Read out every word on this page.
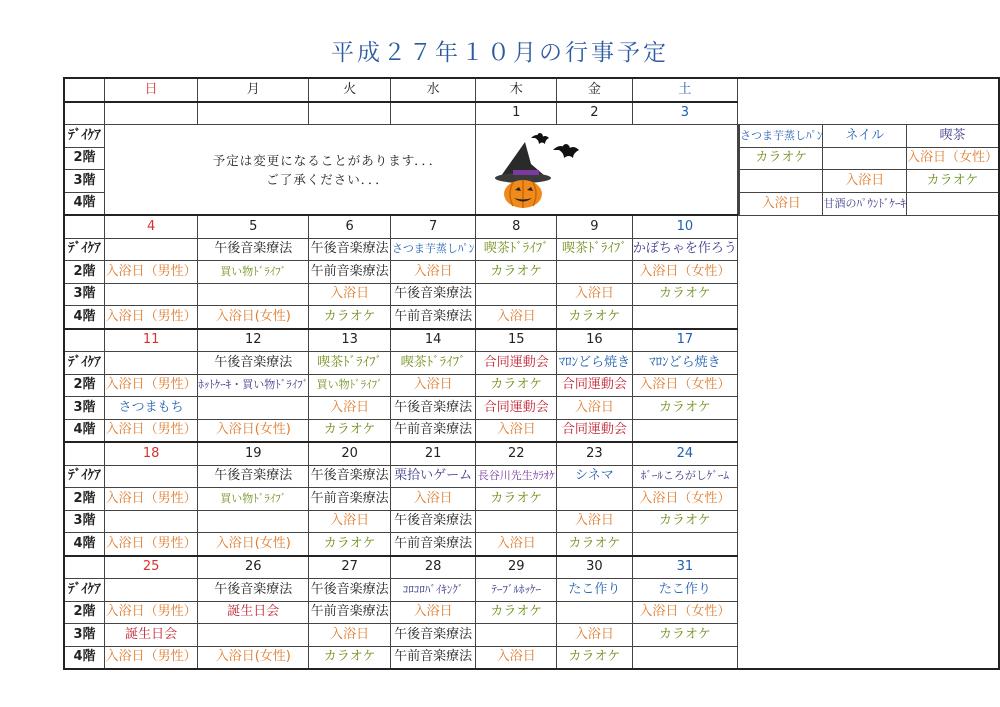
平成２７年１０月の行事予定
	日	月	火	水	木	金	土				
					1	2	3				
ﾃﾞｲｹｱ									さつま芋蒸しﾊﾟﾝ	ネイル	喫茶
2階									カラオケ		入浴日（女性）
3階										入浴日	カラオケ
4階									入浴日	甘酒のﾊﾟｳﾝﾄﾞｹｰｷ	
	4	5	6	7	8	9	10				
ﾃﾞｲｹｱ		午後音楽療法	午後音楽療法	さつま芋蒸しﾊﾟﾝ	喫茶ﾄﾞﾗｲﾌﾞ	喫茶ﾄﾞﾗｲﾌﾞ	かぼちゃを作ろう				
2階	入浴日（男性）	買い物ﾄﾞﾗｲﾌﾞ	午前音楽療法	入浴日	カラオケ		入浴日（女性）				
3階			入浴日	午後音楽療法		入浴日	カラオケ				
4階	入浴日（男性）	入浴日(女性)	カラオケ	午前音楽療法	入浴日	カラオケ					
	11	12	13	14	15	16	17				
ﾃﾞｲｹｱ		午後音楽療法	喫茶ﾄﾞﾗｲﾌﾞ	喫茶ﾄﾞﾗｲﾌﾞ	合同運動会	ﾏﾛﾝどら焼き	ﾏﾛﾝどら焼き				
2階	入浴日（男性）	ﾎｯﾄｹｰｷ・買い物ﾄﾞﾗｲﾌﾞ	買い物ﾄﾞﾗｲﾌﾞ	入浴日	カラオケ	合同運動会	入浴日（女性）				
3階	さつまもち		入浴日	午後音楽療法	合同運動会	入浴日	カラオケ				
4階	入浴日（男性）	入浴日(女性)	カラオケ	午前音楽療法	入浴日	合同運動会					
	18	19	20	21	22	23	24				
ﾃﾞｲｹｱ		午後音楽療法	午後音楽療法	栗拾いゲーム	長谷川先生ｶﾗｵｹ	シネマ	ﾎﾞｰﾙころがしｹﾞｰﾑ				
2階	入浴日（男性）	買い物ﾄﾞﾗｲﾌﾞ	午前音楽療法	入浴日	カラオケ		入浴日（女性）				
3階			入浴日	午後音楽療法		入浴日	カラオケ				
4階	入浴日（男性）	入浴日(女性)	カラオケ	午前音楽療法	入浴日	カラオケ					
	25	26	27	28	29	30	31				
ﾃﾞｲｹｱ		午後音楽療法	午後音楽療法	ｺﾛｺﾛﾊﾞｲｷﾝｸﾞ	ﾃｰﾌﾞﾙﾎｯｹｰ	たこ作り	たこ作り				
2階	入浴日（男性）	誕生日会	午前音楽療法	入浴日	カラオケ		入浴日（女性）				
3階	誕生日会		入浴日	午後音楽療法		入浴日	カラオケ				
4階	入浴日（男性）	入浴日(女性)	カラオケ	午前音楽療法	入浴日	カラオケ					
予定は変更になることがあります．．．
ご了承ください．．．
